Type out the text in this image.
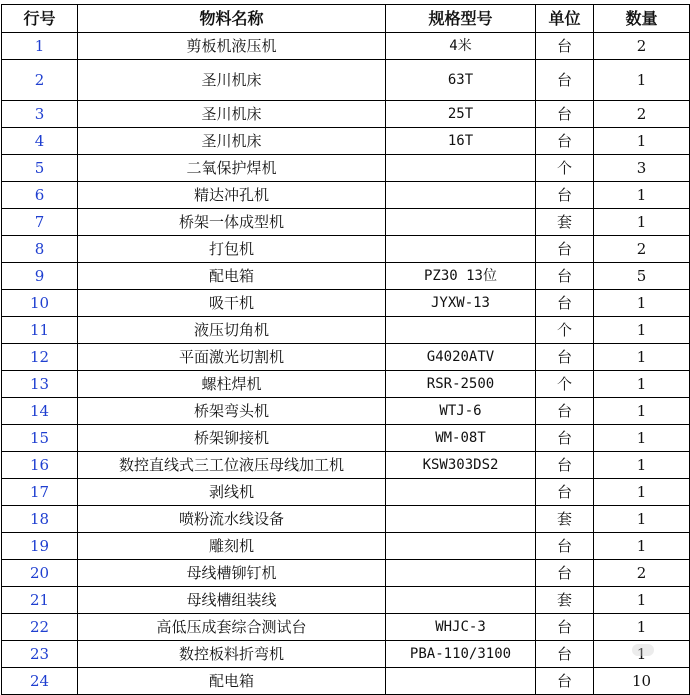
行号	物料名称	规格型号	单位	数量
1	剪板机液压机	4米	台	2
2	圣川机床	63T	台	1
3	圣川机床	25T	台	2
4	圣川机床	16T	台	1
5	二氧保护焊机		个	3
6	精达冲孔机		台	1
7	桥架一体成型机		套	1
8	打包机		台	2
9	配电箱	PZ30 13位	台	5
10	吸干机	JYXW-13	台	1
11	液压切角机		个	1
12	平面激光切割机	G4020ATV	台	1
13	螺柱焊机	RSR-2500	个	1
14	桥架弯头机	WTJ-6	台	1
15	桥架铆接机	WM-08T	台	1
16	数控直线式三工位液压母线加工机	KSW303DS2	台	1
17	剥线机		台	1
18	喷粉流水线设备		套	1
19	雕刻机		台	1
20	母线槽铆钉机		台	2
21	母线槽组装线		套	1
22	高低压成套综合测试台	WHJC-3	台	1
23	数控板料折弯机	PBA-110/3100	台	1
24	配电箱		台	10
